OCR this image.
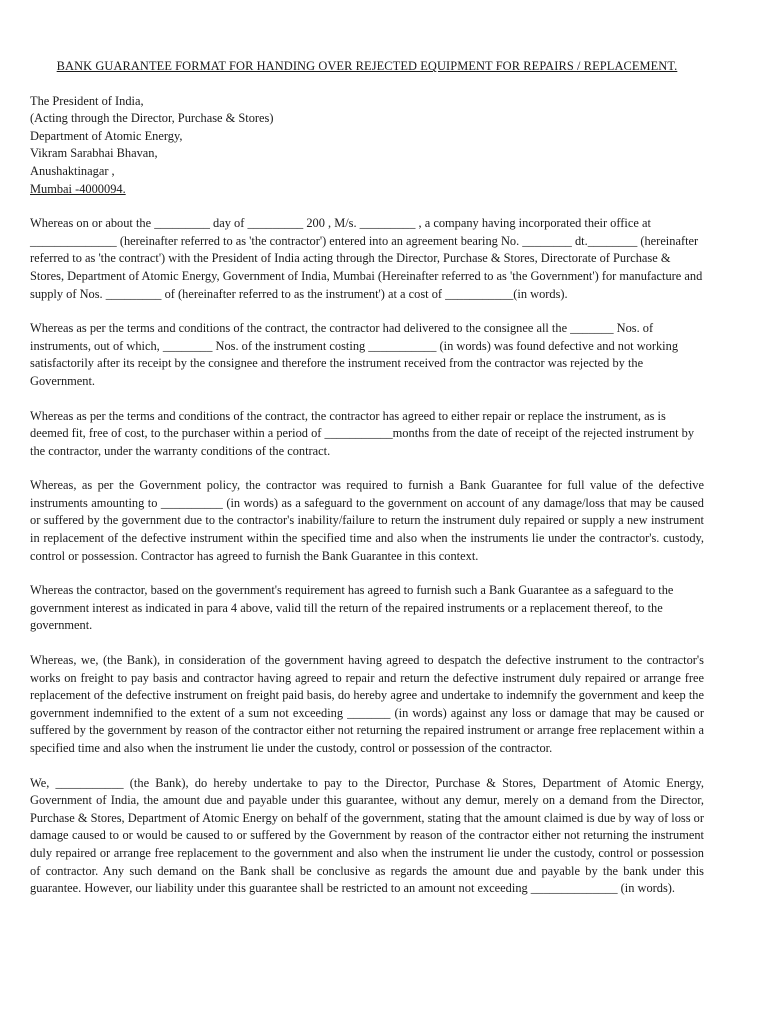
BANK GUARANTEE FORMAT FOR HANDING OVER REJECTED EQUIPMENT FOR REPAIRS / REPLACEMENT.
The President of India,
(Acting through the Director, Purchase & Stores)
Department of Atomic Energy,
Vikram Sarabhai Bhavan,
Anushaktinagar ,
Mumbai -4000094.

Whereas on or about the _________ day of _________ 200 , M/s. _________ , a company having incorporated their office at ______________ (hereinafter referred to as 'the contractor') entered into an agreement bearing No. ________ dt.________ (hereinafter referred to as 'the contract') with the President of India acting through the Director, Purchase & Stores, Directorate of Purchase & Stores, Department of Atomic Energy, Government of India, Mumbai (Hereinafter referred to as 'the Government') for manufacture and supply of Nos. _________ of (hereinafter referred to as the instrument') at a cost of ___________(in words).

Whereas as per the terms and conditions of the contract, the contractor had delivered to the consignee all the _______ Nos. of instruments, out of which, ________ Nos. of the instrument costing ___________ (in words) was found defective and not working satisfactorily after its receipt by the consignee and therefore the instrument received from the contractor was rejected by the Government.

Whereas as per the terms and conditions of the contract, the contractor has agreed to either repair or replace the instrument, as is deemed fit, free of cost, to the purchaser within a period of ___________months from the date of receipt of the rejected instrument by the contractor, under the warranty conditions of the contract.

Whereas, as per the Government policy, the contractor was required to furnish a Bank Guarantee for full value of the defective instruments amounting to __________ (in words) as a safeguard to the government on account of any damage/loss that may be caused or suffered by the government due to the contractor's inability/failure to return the instrument duly repaired or supply a new instrument in replacement of the defective instrument within the specified time and also when the instruments lie under the contractor's. custody, control or possession. Contractor has agreed to furnish the Bank Guarantee in this context.

Whereas the contractor, based on the government's requirement has agreed to furnish such a Bank Guarantee as a safeguard to the government interest as indicated in para 4 above, valid till the return of the repaired instruments or a replacement thereof, to the government.

Whereas, we, (the Bank), in consideration of the government having agreed to despatch the defective instrument to the contractor's works on freight to pay basis and contractor having agreed to repair and return the defective instrument duly repaired or arrange free replacement of the defective instrument on freight paid basis, do hereby agree and undertake to indemnify the government and keep the government indemnified to the extent of a sum not exceeding _______ (in words) against any loss or damage that may be caused or suffered by the government by reason of the contractor either not returning the repaired instrument or arrange free replacement within a specified time and also when the instrument lie under the custody, control or possession of the contractor.

We, ___________ (the Bank), do hereby undertake to pay to the Director, Purchase & Stores, Department of Atomic Energy, Government of India, the amount due and payable under this guarantee, without any demur, merely on a demand from the Director, Purchase & Stores, Department of Atomic Energy on behalf of the government, stating that the amount claimed is due by way of loss or damage caused to or would be caused to or suffered by the Government by reason of the contractor either not returning the instrument duly repaired or arrange free replacement to the government and also when the instrument lie under the custody, control or possession of contractor. Any such demand on the Bank shall be conclusive as regards the amount due and payable by the bank under this guarantee. However, our liability under this guarantee shall be restricted to an amount not exceeding ______________ (in words).
